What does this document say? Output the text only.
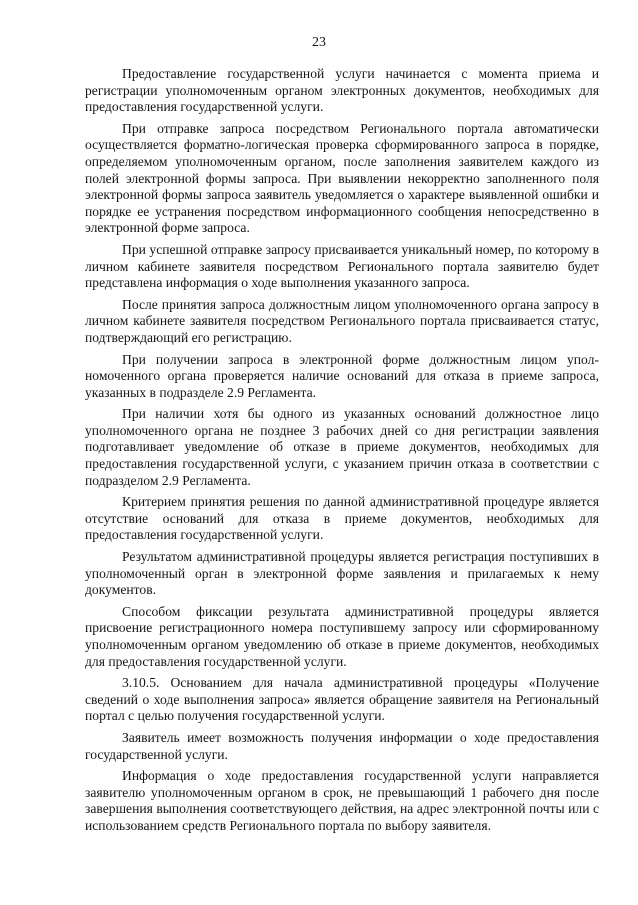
23

Предоставление государственной услуги начинается с момента приема и регистрации уполномоченным органом электронных документов, необходимых для предоставления государственной услуги.

При отправке запроса посредством Регионального портала автоматически осуществляется форматно-логическая проверка сформированного запроса в порядке, определяемом уполномоченным органом, после заполнения заявителем каждого из полей электронной формы запроса. При выявлении некорректно заполненного поля электронной формы запроса заявитель уведомляется о характере выявленной ошибки и порядке ее устранения посредством информационного сообщения непосредственно в электронной форме запроса.

При успешной отправке запросу присваивается уникальный номер, по которому в личном кабинете заявителя посредством Регионального портала заявителю будет представлена информация о ходе выполнения указанного запроса.

После принятия запроса должностным лицом уполномоченного органа запросу в личном кабинете заявителя посредством Регионального портала присваивается статус, подтверждающий его регистрацию.

При получении запроса в электронной форме должностным лицом уполномоченного органа проверяется наличие оснований для отказа в приеме запроса, указанных в подразделе 2.9 Регламента.

При наличии хотя бы одного из указанных оснований должностное лицо уполномоченного органа не позднее 3 рабочих дней со дня регистрации заявления подготавливает уведомление об отказе в приеме документов, необходимых для предоставления государственной услуги, с указанием причин отказа в соответствии с подразделом 2.9 Регламента.

Критерием принятия решения по данной административной процедуре является отсутствие оснований для отказа в приеме документов, необходимых для предоставления государственной услуги.

Результатом административной процедуры является регистрация поступивших в уполномоченный орган в электронной форме заявления и прилагаемых к нему документов.

Способом фиксации результата административной процедуры является присвоение регистрационного номера поступившему запросу или сформированному уполномоченным органом уведомлению об отказе в приеме документов, необходимых для предоставления государственной услуги.

3.10.5. Основанием для начала административной процедуры «Получение сведений о ходе выполнения запроса» является обращение заявителя на Региональный портал с целью получения государственной услуги.

Заявитель имеет возможность получения информации о ходе предоставления государственной услуги.

Информация о ходе предоставления государственной услуги направляется заявителю уполномоченным органом в срок, не превышающий 1 рабочего дня после завершения выполнения соответствующего действия, на адрес электронной почты или с использованием средств Регионального портала по выбору заявителя.
